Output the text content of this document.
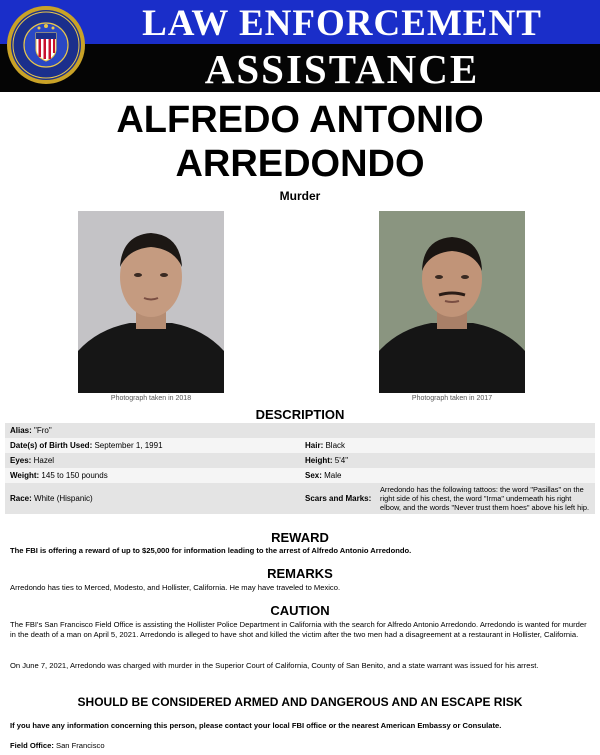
LAW ENFORCEMENT
ASSISTANCE
ALFREDO ANTONIO
ARREDONDO
Murder
Photograph taken in 2018	Photograph taken in 2017
DESCRIPTION
Alias: "Fro"	
Date(s) of Birth Used: September 1, 1991	Hair: Black
Eyes: Hazel	Height: 5'4"
Weight: 145 to 150 pounds	Sex: Male
Race: White (Hispanic)	Scars and Marks:
Arredondo has the following tattoos: the word "Pasillas" on the right side of his chest, the word "Irma" underneath his right elbow, and the words "Never trust them hoes" above his left hip.
REWARD
The FBI is offering a reward of up to $25,000 for information leading to the arrest of Alfredo Antonio Arredondo.
REMARKS
Arredondo has ties to Merced, Modesto, and Hollister, California. He may have traveled to Mexico.
CAUTION
The FBI's San Francisco Field Office is assisting the Hollister Police Department in California with the search for Alfredo Antonio Arredondo. Arredondo is wanted for murder in the death of a man on April 5, 2021. Arredondo is alleged to have shot and killed the victim after the two men had a disagreement at a restaurant in Hollister, California.
On June 7, 2021, Arredondo was charged with murder in the Superior Court of California, County of San Benito, and a state warrant was issued for his arrest.
SHOULD BE CONSIDERED ARMED AND DANGEROUS AND AN ESCAPE RISK
If you have any information concerning this person, please contact your local FBI office or the nearest American Embassy or Consulate.
Field Office: San Francisco
